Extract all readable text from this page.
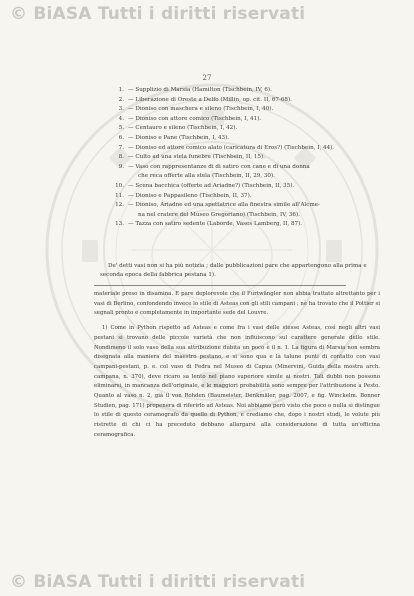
© BiASA Tutti i diritti riservati
27
1. — Supplizio di Marsia (Hamilton (Tischbein, IV, 6).
2. — Liberazione di Oreste a Delfo (Millin, op. cit. II, 67-68).
3. — Dioniso con maschera e sileno (Tischbein, I, 40).
4. — Dioniso con attore comico (Tischbein, I, 41).
5. — Centauro e sileno (Tischbein, I, 42).
6. — Dioniso e Pane (Tischbein, I, 43).
7. — Dioniso ed attore comico alato (caricatura di Eros?) (Tischbein, I, 44).
8. — Culto ad una stela funebre (Tischbein, II, 15).
9. — Vaso con rappresentanze di di satiro con cane e di una donna
che reca offerte alla stela (Tischbein, II, 29, 30).
10. — Scena bacchica (offerte ad Ariadne?) (Tischbein, II, 35).
11. — Dioniso e Pappasileno (Tischbein, II, 37).
12. — Dioniso, Ariadne ed una spettatrice alla finestra simile all'Alcme-
na nel cratere del Museo Gregoriano) (Tischbein, IV, 36).
13. — Tazza con satiro sedente (Laborde, Vases Lamberg, II, 87).
De' detti vasi non si ha più notizia ; dalle pubblicazioni pare che appartengono alla prima e seconda epoca della fabbrica pestana 1).

materiale preso in disamina. E pare deplorevole che il Furtwängler non abbia trattato altrettanto per i vasi di Berlino, confondendo invece lo stile di Asteas con gli stili campani ; nè ha trovato che il Pottier si segnali pronto e completamente in importante sede del Louvre.

1) Come in Python rispetto ad Asteas e come fra i vasi delle stesse Asteas, così negli altri vasi pestani si trovano delle piccole varietà che non influiscono sul carattere generale dello stile. Nondimeno il solo vaso della sua attribuzione dubita un poco è il n. 1. La figura di Marsia non sembra disegnata alla maniera del maestro pestano, e si sono qua e là talune punti di contatto con vasi campani-pestani, p. e. col vaso di Fedra nel Museo di Capua (Minervini, Guida della mostra arch. campana, n. 370), deve ricaro sa lento nel piano superiore simile ai nostri. Tali dubbi non possono eliminarsi, in mancanza dell'originale, e le maggiori probabilità sono sempre per l'attribuzione a Pesto. Quanto al vaso n. 2, già il von Rohden (Baumeister, Denkmäler, pag. 2007, e fig. Winckelm. Bonner Studien, pag. 171) propenera di riferirlo ad Asteas. Noi abbiamo però visto che poco o nulla si distingue lo stile di questo ceramografo da quello di Python, e crediamo che, dopo i nostri studi, le volute più ristrette di chi ci ha preceduto debbano allargarsi alla considerazione di tutta un'officina ceramografica.

© BiASA Tutti i diritti riservati
